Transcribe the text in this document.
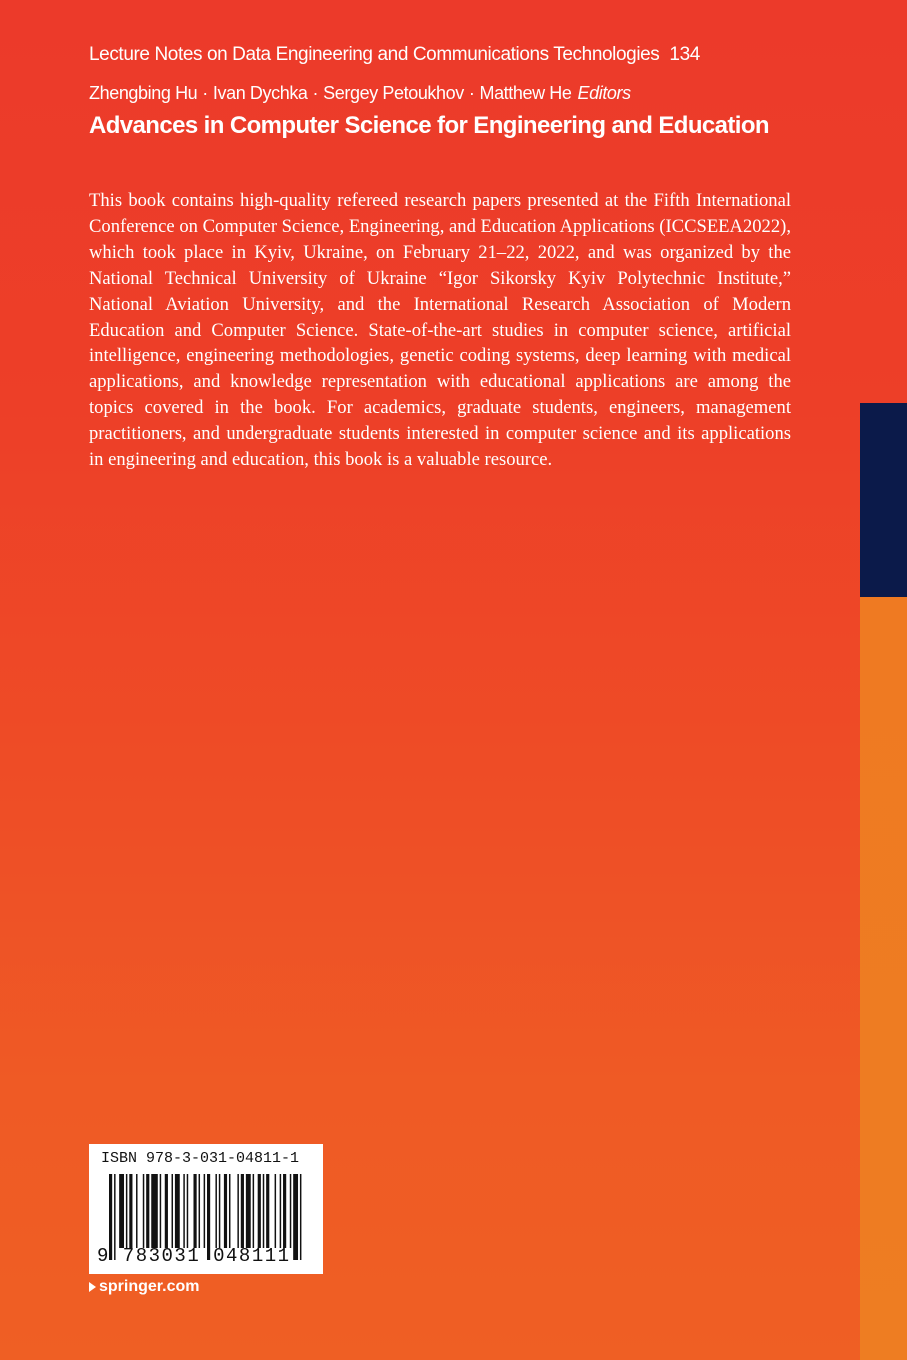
Lecture Notes on Data Engineering and Communications Technologies 134
Zhengbing Hu · Ivan Dychka · Sergey Petoukhov · Matthew He Editors
Advances in Computer Science for Engineering and Education

This book contains high-quality refereed research papers presented at the Fifth International Conference on Computer Science, Engineering, and Education Applications (ICCSEEA2022), which took place in Kyiv, Ukraine, on February 21–22, 2022, and was organized by the National Technical University of Ukraine “Igor Sikorsky Kyiv Polytechnic Institute,” National Aviation University, and the International Research Association of Modern Education and Computer Science. State-of-the-art studies in computer science, artificial intelligence, engineering methodologies, genetic coding systems, deep learning with medical applications, and knowledge representation with educational applications are among the topics covered in the book. For academics, graduate students, engineers, management practitioners, and undergraduate students interested in computer science and its applications in engineering and education, this book is a valuable resource.

ISBN 978-3-031-04811-1
9 783031 048111
springer.com
